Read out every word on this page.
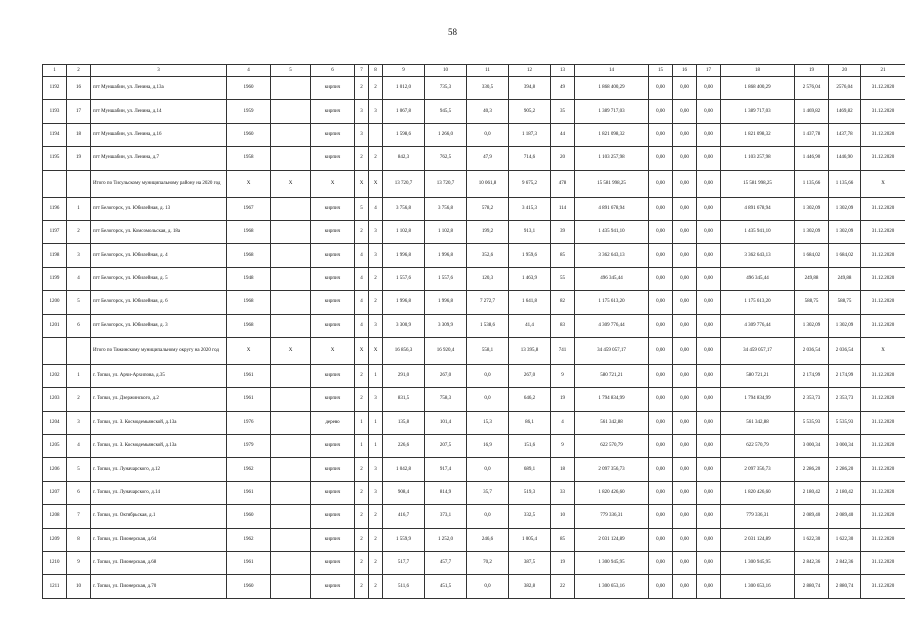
58
1	2	3	4	5	6	7	8	9	10	11	12	13	14	15	16	17	18	19	20	21
1192	16	пгт Муншабин, ул. Ленина, д.13а	1960		кирпич	2	2	1 012,0	735,3	330,5	394,8	49	1 868 400,29	0,00	0,00	0,00	1 868 400,29	2 576,04	2576,04	31.12.2020
1193	17	пгт Муншабин, ул. Ленина, д.14	1959		кирпич	3	3	1 067,8	945,5	40,3	905,2	35	1 389 717,03	0,00	0,00	0,00	1 389 717,03	1 469,82	1469,82	31.12.2020
1194	18	пгт Муншабин, ул. Ленина, д.16	1960		кирпич	3		1 598,6	1 266,0	0,0	1 187,3	44	1 821 098,32	0,00	0,00	0,00	1 821 098,32	1 437,78	1437,78	31.12.2020
1195	19	пгт Муншабин, ул. Ленина, д.7	1958		кирпич	2	2	842,3	762,5	47,9	714,6	20	1 103 257,98	0,00	0,00	0,00	1 103 257,98	1 446,90	1446,90	31.12.2020
		Итого по Тисульскому муниципальному району на 2020 год	X	X	X	X	X	13 720,7	13 720,7	10 061,8	9 675,2	478	15 581 998,25	0,00	0,00	0,00	15 581 998,25	1 135,66	1 135,66	X
1196	1	пгт Белогорск, ул. Юбилейная, д. 13	1967		кирпич	5	4	3 756,8	3 756,8	578,2	3 415,3	114	4 891 678,94	0,00	0,00	0,00	4 891 678,94	1 302,09	1 302,09	31.12.2020
1197	2	пгт Белогорск, ул. Комсомольская, д. 18а	1968		кирпич	2	3	1 102,8	1 102,8	199,2	913,1	39	1 435 941,10	0,00	0,00	0,00	1 435 941,10	1 302,09	1 302,09	31.12.2020
1198	3	пгт Белогорск, ул. Юбилейная, д. 4	1968		кирпич	4	3	1 996,8	1 996,8	352,6	1 959,6	85	3 362 643,13	0,00	0,00	0,00	3 362 643,13	1 684,02	1 684,02	31.12.2020
1199	4	пгт Белогорск, ул. Юбилейная, д. 5	1948		кирпич	4	2	1 557,6	1 557,6	120,3	1 463,9	55	496 345,44	0,00	0,00	0,00	496 345,44	249,88	249,88	31.12.2020
1200	5	пгт Белогорск, ул. Юбилейная, д. 6	1968		кирпич	4	2	1 996,8	1 996,8	7 272,7	1 641,8	82	1 175 613,20	0,00	0,00	0,00	1 175 613,20	588,75	588,75	31.12.2020
1201	6	пгт Белогорск, ул. Юбилейная, д. 3	1968		кирпич	4	3	3 300,9	3 309,9	1 538,6	41,4	83	4 309 776,44	0,00	0,00	0,00	4 309 776,44	1 302,09	1 302,09	31.12.2020
		Итого по Тяжинскому муниципальному округу на 2020 год	X	X	X	X	X	16 856,3	16 920,4	558,1	13 395,8	741	34 459 057,17	0,00	0,00	0,00	34 459 057,17	2 036,54	2 036,54	X
1202	1	г. Топки, ул. Арчи-Архипова, д.35	1961		кирпич	2	1	291,0	267,0	0,0	267,0	9	580 721,21	0,00	0,00	0,00	580 721,21	2 174,99	2 174,99	31.12.2020
1203	2	г. Топки, ул. Дзержинского, д.2	1961		кирпич	2	3	831,5	758,3	0,0	646,2	19	1 794 834,99	0,00	0,00	0,00	1 794 834,99	2 353,73	2 353,73	31.12.2020
1204	3	г. Топки, ул. З. Космодемьянской, д.13а	1976		дерево	1	1	135,8	101,4	15,3	86,1	4	561 342,88	0,00	0,00	0,00	561 342,88	5 535,93	5 535,93	31.12.2020
1205	4	г. Топки, ул. З. Космодемьянской, д.13а	1979		кирпич	1	1	226,6	207,5	16,9	151,6	9	622 570,79	0,00	0,00	0,00	622 570,79	3 000,34	3 000,34	31.12.2020
1206	5	г. Топки, ул. Луначарского, д.12	1962		кирпич	2	3	1 042,8	917,4	0,0	689,1	18	2 097 356,73	0,00	0,00	0,00	2 097 356,73	2 286,20	2 286,20	31.12.2020
1207	6	г. Топки, ул. Луначарского, д.14	1961		кирпич	2	3	908,4	814,9	35,7	519,3	33	1 820 426,60	0,00	0,00	0,00	1 820 426,60	2 180,42	2 180,42	31.12.2020
1208	7	г. Топки, ул. Октябрьская, д.1	1960		кирпич	2	2	416,7	373,1	0,0	332,5	10	779 336,31	0,00	0,00	0,00	779 336,31	2 089,40	2 089,40	31.12.2020
1209	8	г. Топки, ул. Пионерская, д.64	1962		кирпич	2	2	1 559,9	1 252,0	246,6	1 005,4	85	2 031 124,89	0,00	0,00	0,00	2 031 124,89	1 622,30	1 622,30	31.12.2020
1210	9	г. Топки, ул. Пионерская, д.68	1961		кирпич	2	2	517,7	457,7	70,2	387,5	19	1 300 945,95	0,00	0,00	0,00	1 300 945,95	2 842,36	2 842,36	31.12.2020
1211	10	г. Топки, ул. Пионерская, д.70	1960		кирпич	2	2	511,6	451,5	0,0	382,8	22	1 300 653,16	0,00	0,00	0,00	1 300 653,16	2 880,74	2 880,74	31.12.2020
